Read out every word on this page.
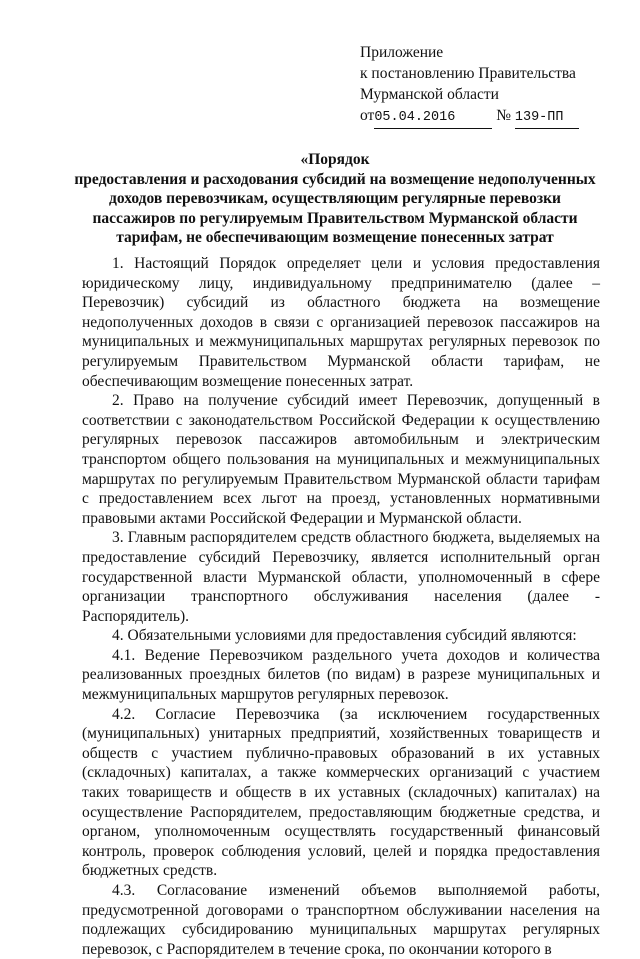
Приложение
к постановлению Правительства
Мурманской области
от05.04.2016	№ 139-ПП
«Порядок
предоставления и расходования субсидий на возмещение недополученных
доходов перевозчикам, осуществляющим регулярные перевозки
пассажиров по регулируемым Правительством Мурманской области
тарифам, не обеспечивающим возмещение понесенных затрат

1. Настоящий Порядок определяет цели и условия предоставления юридическому лицу, индивидуальному предпринимателю (далее – Перевозчик) субсидий из областного бюджета на возмещение недополученных доходов в связи с организацией перевозок пассажиров на муниципальных и межмуниципальных маршрутах регулярных перевозок по регулируемым Правительством Мурманской области тарифам, не обеспечивающим возмещение понесенных затрат.

2. Право на получение субсидий имеет Перевозчик, допущенный в соответствии с законодательством Российской Федерации к осуществлению регулярных перевозок пассажиров автомобильным и электрическим транспортом общего пользования на муниципальных и межмуниципальных маршрутах по регулируемым Правительством Мурманской области тарифам с предоставлением всех льгот на проезд, установленных нормативными правовыми актами Российской Федерации и Мурманской области.

3. Главным распорядителем средств областного бюджета, выделяемых на предоставление субсидий Перевозчику, является исполнительный орган государственной власти Мурманской области, уполномоченный в сфере организации транспортного обслуживания населения (далее - Распорядитель).

4. Обязательными условиями для предоставления субсидий являются:

4.1. Ведение Перевозчиком раздельного учета доходов и количества реализованных проездных билетов (по видам) в разрезе муниципальных и межмуниципальных маршрутов регулярных перевозок.

4.2. Согласие Перевозчика (за исключением государственных (муниципальных) унитарных предприятий, хозяйственных товариществ и обществ с участием публично-правовых образований в их уставных (складочных) капиталах, а также коммерческих организаций с участием таких товариществ и обществ в их уставных (складочных) капиталах) на осуществление Распорядителем, предоставляющим бюджетные средства, и органом, уполномоченным осуществлять государственный финансовый контроль, проверок соблюдения условий, целей и порядка предоставления бюджетных средств.

4.3. Согласование изменений объемов выполняемой работы, предусмотренной договорами о транспортном обслуживании населения на подлежащих субсидированию муниципальных маршрутах регулярных перевозок, с Распорядителем в течение срока, по окончании которого в
